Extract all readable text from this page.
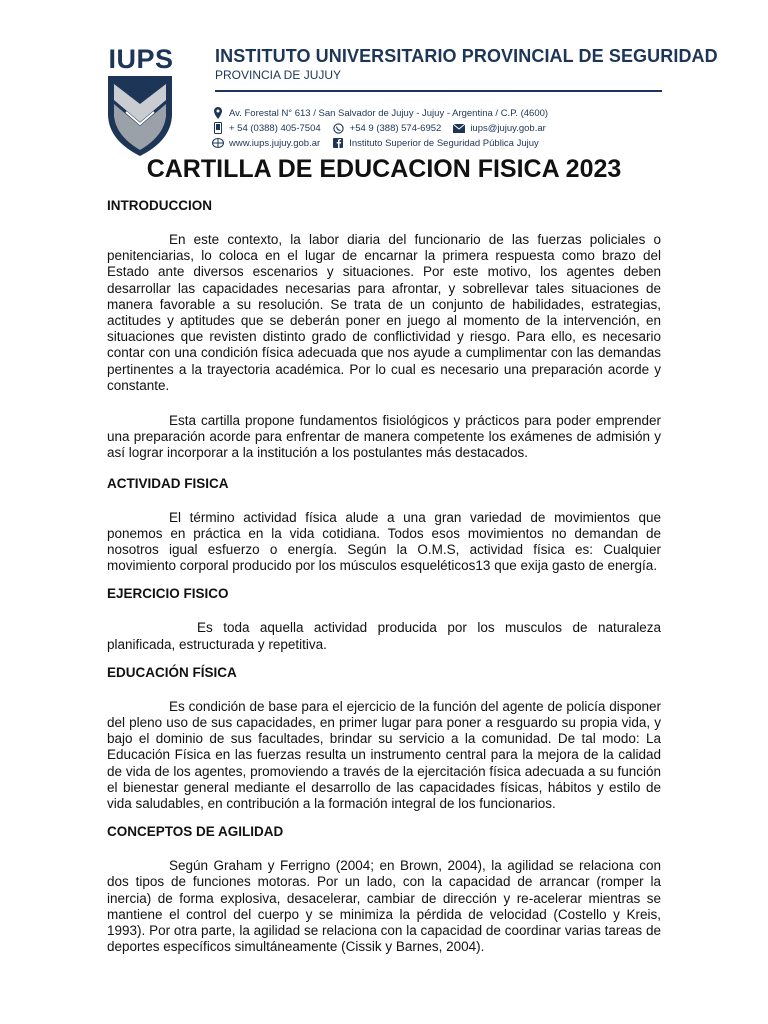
IUPS INSTITUTO UNIVERSITARIO PROVINCIAL DE SEGURIDAD
PROVINCIA DE JUJUY
Av. Forestal N° 613 / San Salvador de Jujuy - Jujuy - Argentina / C.P. (4600)
+ 54 (0388) 405-7504	+54 9 (388) 574-6952	iups@jujuy.gob.ar
www.iups.jujuy.gob.ar	Instituto Superior de Seguridad Pública Jujuy
CARTILLA DE EDUCACION FISICA 2023
INTRODUCCION

En este contexto, la labor diaria del funcionario de las fuerzas policiales o penitenciarias, lo coloca en el lugar de encarnar la primera respuesta como brazo del Estado ante diversos escenarios y situaciones. Por este motivo, los agentes deben desarrollar las capacidades necesarias para afrontar, y sobrellevar tales situaciones de manera favorable a su resolución. Se trata de un conjunto de habilidades, estrategias, actitudes y aptitudes que se deberán poner en juego al momento de la intervención, en situaciones que revisten distinto grado de conflictividad y riesgo. Para ello, es necesario contar con una condición física adecuada que nos ayude a cumplimentar con las demandas pertinentes a la trayectoria académica. Por lo cual es necesario una preparación acorde y constante.

Esta cartilla propone fundamentos fisiológicos y prácticos para poder emprender una preparación acorde para enfrentar de manera competente los exámenes de admisión y así lograr incorporar a la institución a los postulantes más destacados.

ACTIVIDAD FISICA

El término actividad física alude a una gran variedad de movimientos que ponemos en práctica en la vida cotidiana. Todos esos movimientos no demandan de nosotros igual esfuerzo o energía. Según la O.M.S, actividad física es: Cualquier movimiento corporal producido por los músculos esqueléticos13 que exija gasto de energía.

EJERCICIO FISICO

Es toda aquella actividad producida por los musculos de naturaleza planificada, estructurada y repetitiva.

EDUCACIÓN FÍSICA

Es condición de base para el ejercicio de la función del agente de policía disponer del pleno uso de sus capacidades, en primer lugar para poner a resguardo su propia vida, y bajo el dominio de sus facultades, brindar su servicio a la comunidad. De tal modo: La Educación Física en las fuerzas resulta un instrumento central para la mejora de la calidad de vida de los agentes, promoviendo a través de la ejercitación física adecuada a su función el bienestar general mediante el desarrollo de las capacidades físicas, hábitos y estilo de vida saludables, en contribución a la formación integral de los funcionarios.

CONCEPTOS DE AGILIDAD

Según Graham y Ferrigno (2004; en Brown, 2004), la agilidad se relaciona con dos tipos de funciones motoras. Por un lado, con la capacidad de arrancar (romper la inercia) de forma explosiva, desacelerar, cambiar de dirección y re-acelerar mientras se mantiene el control del cuerpo y se minimiza la pérdida de velocidad (Costello y Kreis, 1993). Por otra parte, la agilidad se relaciona con la capacidad de coordinar varias tareas de deportes específicos simultáneamente (Cissik y Barnes, 2004).
